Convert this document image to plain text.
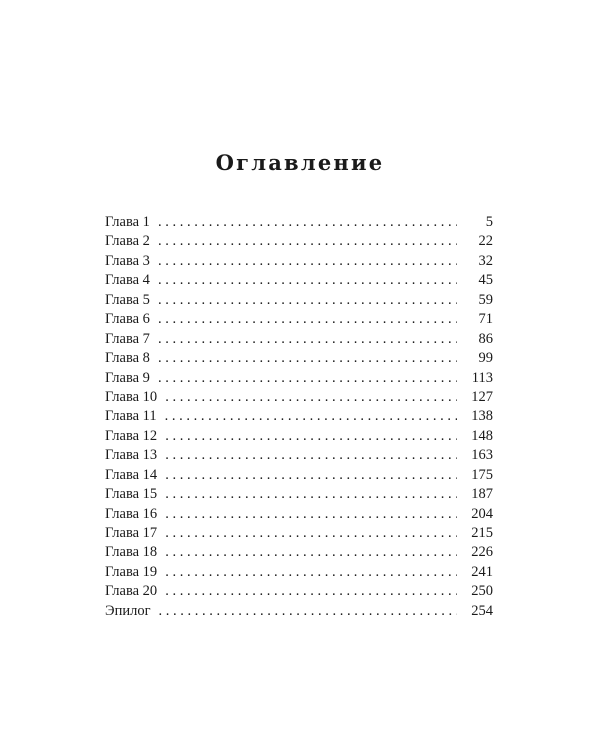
Оглавление
Глава 1 . . .	5
Глава 2 . . .	22
Глава 3 . . .	32
Глава 4 . . .	45
Глава 5 . . .	59
Глава 6 . . .	71
Глава 7 . . .	86
Глава 8 . . .	99
Глава 9 . . .	113
Глава 10 . . .	127
Глава 11 . . .	138
Глава 12 . . .	148
Глава 13 . . .	163
Глава 14 . . .	175
Глава 15 . . .	187
Глава 16 . . .	204
Глава 17 . . .	215
Глава 18 . . .	226
Глава 19 . . .	241
Глава 20 . . .	250
Эпилог . . .	254
